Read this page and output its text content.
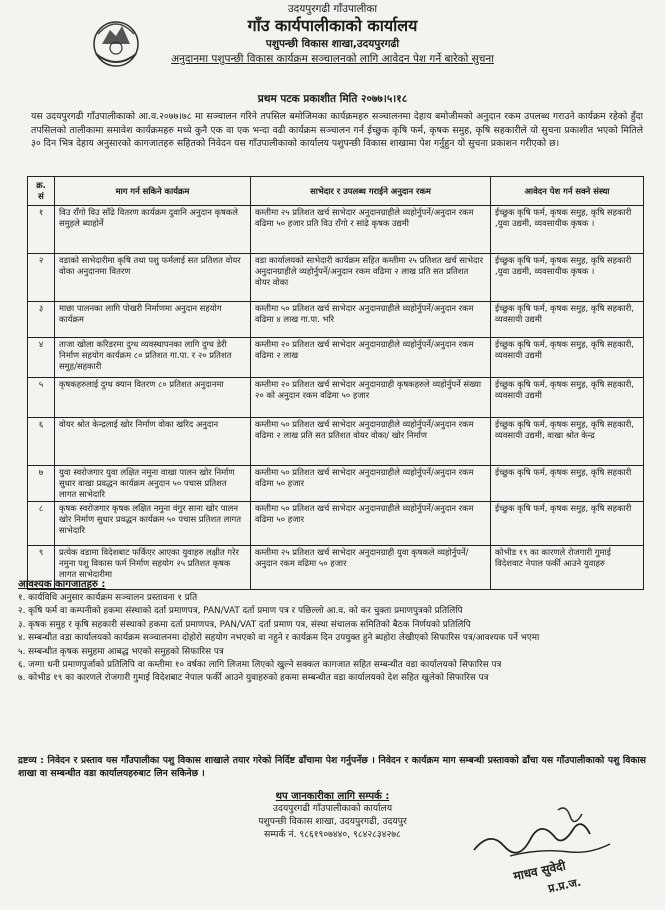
उदयपुरगढी गाँउपालीका
गाँउ कार्यपालीकाको कार्यालय
पशुपन्छी विकास शाखा,उदयपुरगढी
अनुदानमा पशुपन्छी विकास कार्यक्रम सञ्चालनको लागि आवेदन पेश गर्ने बारेको सुचना
प्रथम पटक प्रकाशीत मिति २०७७।५।१८
यस उदयपुरगढी गाँउपालीकाको आ.व.२०७७।७८ मा सञ्चालन गरिने तपसिल बमोजिमका कार्यक्रमहरु सञ्चालनमा देहाय बमोजीमको अनुदान रकम उपलब्ध गराउने कार्यक्रम रहेको हुँदा तपसिलको तालीकामा समावेश कार्यक्रमहरु मध्ये कुनै एक वा एक भन्दा वढी कार्यक्रम सञ्चालन गर्न ईच्छुक कृषि फर्म, कृषक समुह, कृषि सहकारीले यो सुचना प्रकाशीत भएको मितिले ३० दिन भित्र देहाय अनुसारको कागजातहरु सहितको निवेदन यस गाँउपालीकाको कार्यालय पशुपन्छी विकास शाखामा पेश गर्नुहुन यो सुचना प्रकाशन गरीएको छ।
क्र. सं	माग गर्न सकिने कार्यक्रम	साभेदार र उपलब्ध गराईने अनुदान रकम	आवेदन पेश गर्न सक्ने संस्था
१	विउ राँगो विउ साँढे वितरण कार्यक्रम दुवानि अनुदान कृषकले समुहले ब्याहोर्ने	कम्तीमा २५ प्रतिशत खर्च साभेदार अनुदानग्राहीले व्यहोर्नुपर्ने/अनुदान रकम वढिमा ५० हजार प्रति विउ राँगो र सांढे कृषक उद्यमी	ईच्छुक कृषि फर्म, कृषक समुह, कृषि सहकारी ,युवा उद्यमी, व्यवसायीक कृषक ।
२	वडाको साभेदारीमा कृषि तथा पशु फर्मलाई सत प्रतिशत वोयर वोका अनुदानमा वितरण	वडा कार्यालयको साभेदारी कार्यक्रम सहित कम्तीमा २५ प्रतिशत खर्च साभेदार अनुदानग्राहीले व्यहोर्नुपर्ने/अनुदान रकम वढिमा २ लाख प्रति सत प्रतिशत वोयर वोका	ईच्छुक कृषि फर्म, कृषक समुह, कृषि सहकारी ,युवा उद्यमी, व्यवसायीक कृषक ।
३	माछा पालनका लागि पोखरी निर्माणमा अनुदान सहयोग कार्यक्रम	कम्तीमा ५० प्रतिशत खर्च साभेदार अनुदानग्राहीले व्यहोर्नुपर्ने/अनुदान रकम वढिमा ४ लाख गा.पा. भरि	ईच्छुक कृषि फर्म, कृषक समुह, कृषि सहकारी, व्यवसायी उद्यमी
४	ताजा खोला करिडरमा दुग्ध व्यवस्थापनका लागि दुग्ध डेरी निर्माण सहयोग कार्यक्रम ८० प्रतिशत गा.पा. र २० प्रतिशत समुह/सहकारी	कम्तीमा २० प्रतिशत खर्च साभेदार अनुदानग्राहीले व्यहोर्नुपर्ने/अनुदान रकम वढिमा २ लाख	ईच्छुक कृषि फर्म, कृषक समुह, कृषि सहकारी, व्यवसायी उद्यमी
५	कृषकहरुलाई दुग्ध क्यान वितरण ८० प्रतिशत अनुदानमा	कम्तीमा २० प्रतिशत खर्च साभेदार अनुदानग्राही कृषकहरुले व्यहोर्नुपर्ने संख्या २० को अनुदान रकम वढिमा ५० हजार	ईच्छुक कृषि फर्म, कृषक समुह, कृषि सहकारी, व्यवसायी उद्यमी
६	वोयर श्रोत केन्द्रलाई खोर निर्माण वोका खरिद अनुदान	कम्तीमा ५० प्रतिशत खर्च साभेदार अनुदानग्राहीले व्यहोर्नुपर्ने/अनुदान रकम वढिमा २ लाख प्रति सत प्रतिशत वोयर वोका/ खोर निर्माण	ईच्छुक कृषि फर्म, कृषक समुह, कृषि सहकारी, व्यवसायी उद्यमी, वाखा श्रोत केन्द्र
७	युवा स्वरोजगार युवा लक्षित नमुना वाखा पालन खोर निर्माण सुधार वाखा प्रवद्धन कार्यक्रम अनुदान ५० पचास प्रतिशत लागत साभेदारि	कम्तीमा ५० प्रतिशत खर्च साभेदार अनुदानग्राहीले व्यहोर्नुपर्ने/अनुदान रकम वढिमा ५० हजार	ईच्छुक कृषि फर्म, कृषक समुह, कृषि सहकारी
८	कृषक स्वरोजगार कृषक लक्षित नमुना वंगुर साना खोर पालन खोर निर्माण सुधार प्रवद्धन कार्यक्रम ५० पचास प्रतिशत लागत साभेदारि	कम्तीमा ५० प्रतिशत खर्च साभेदार अनुदानग्राहीले व्यहोर्नुपर्ने/अनुदान रकम वढिमा ५० हजार	ईच्छुक कृषि फर्म, कृषक समुह, कृषि सहकारी
९	प्रत्येक वडामा विदेशबाट फर्किएर आएका युवाहरु लक्षीत गरेर नमुना पशु विकास फर्म निर्माण सहयोग २५ प्रतिशत कृषक लागत साभेदारीमा	कम्तीमा २५ प्रतिशत खर्च साभेदार अनुदानग्राही युवा कृषकले व्यहोर्नुपर्ने/अनुदान रकम वढिमा ५० हजार	कोभीड १९ का कारणले रोजगारी गुमाई विदेशवाट नेपाल फर्की आउने युवाहरु
आवश्यक कागजातहरु :
१. कार्यविधि अनुसार कार्यक्रम सञ्चालन प्रस्तावना १ प्रति
२. कृषि फर्म वा कम्पनीको हकमा संस्थाको दर्ता प्रमाणपत्र, PAN/VAT दर्ता प्रमाण पत्र र पछिल्लो आ.व. को कर चुक्ता प्रमाणपुत्रको प्रतिलिपि
३. कृषक समुह र कृषि सहकारी संस्थाको हकमा दर्ता प्रमाणपत्र, PAN/VAT दर्ता प्रमाण पत्र, संस्था संचालक समितिको बैठक निर्णयको प्रतिलिपि
४. सम्बन्धीत वडा कार्यालयको कार्यक्रम सञ्चालनमा दोहोरो सहयोग नभएको वा नहुने र कार्यक्रम दिन उपयुक्त हुने ब्यहोरा लेखीएको सिफारिस पत्र/आवश्यक पर्ने भएमा
५. सम्बन्धीत कृषक समुहमा आबद्ध भएको समुहको सिफारिस पत्र
६. जग्गा धनी प्रमाणपुर्जाको प्रतिलिपि वा कम्तीमा १० वर्षका लागि लिजमा लिएको खुल्ने सक्कल कागजात सहित सम्बन्धीत वडा कार्यालयको सिफारिस पत्र
७. कोभीड १९ का कारणले रोजगारी गुमाई विदेशबाट नेपाल फर्की आउने युवाहरुको हकमा सम्बन्धीत वडा कार्यालयको देश सहित खुलेको सिफारिस पत्र
द्रष्टव्य : निवेदन र प्रस्ताव यस गाँउपालीका पशु विकास शाखाले तयार गरेको निर्दिष्ट ढाँचामा पेश गर्नुपर्नेछ । निवेदन र कार्यक्रम माग सम्बन्धी प्रस्तावको ढाँचा यस गाँउपालीकाको पशु विकास शाखा वा सम्बन्धीत वडा कार्यालयहरुबाट लिन सकिनेछ ।
थप जानकारीका लागि सम्पर्क :
उदयपुरगढी गाँउपालीकाको कार्यालय
पशुपन्छी विकास शाखा, उदयपुरगढी, उदयपुर
सम्पर्क नं. ९८६१९०७४४०, ९८४२८३४२७८
माधव सुवेदी
प्र.प्र.ज.
